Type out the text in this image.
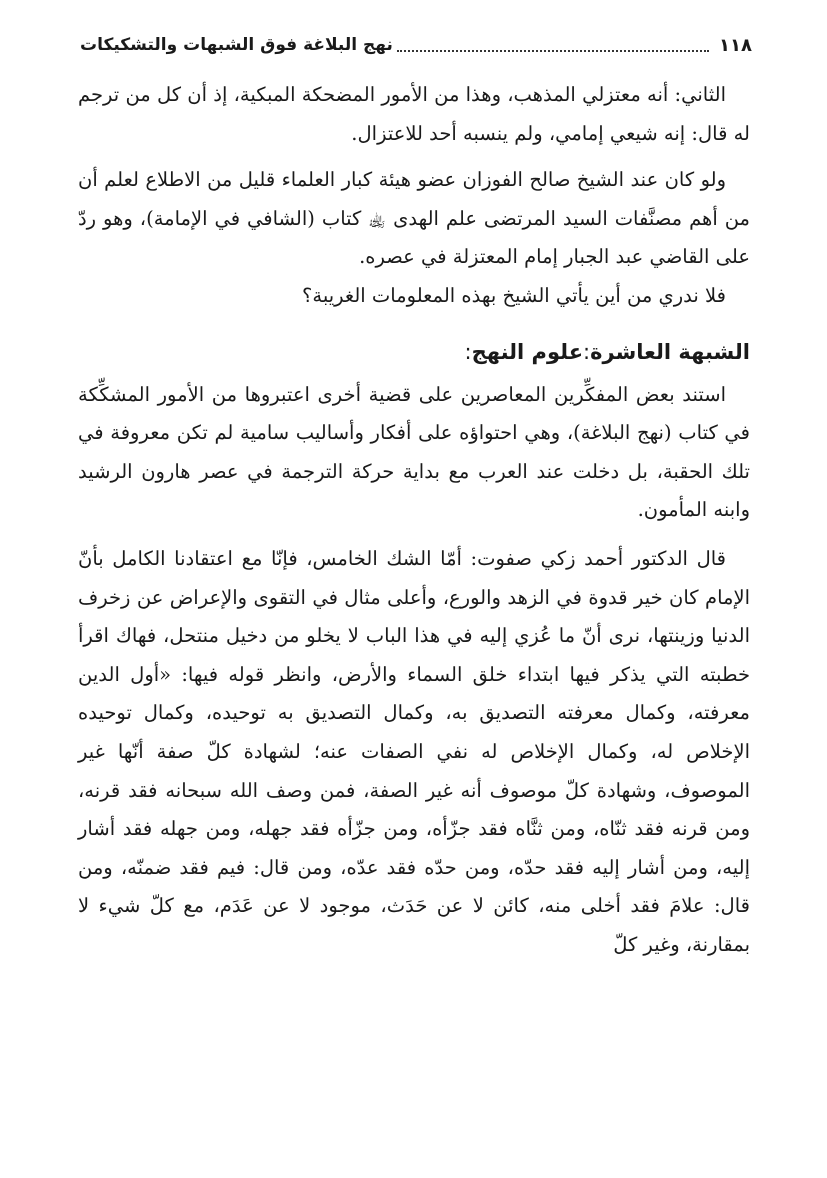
١١٨
نهج البلاغة فوق الشبهات والتشكيكات

الثاني: أنه معتزلي المذهب، وهذا من الأمور المضحكة المبكية، إذ أن كل من ترجم له قال: إنه شيعي إمامي، ولم ينسبه أحد للاعتزال.

ولو كان عند الشيخ صالح الفوزان عضو هيئة كبار العلماء قليل من الاطلاع لعلم أن من أهم مصنَّفات السيد المرتضى علم الهدى ﵀ كتاب (الشافي في الإمامة)، وهو ردّ على القاضي عبد الجبار إمام المعتزلة في عصره.

فلا ندري من أين يأتي الشيخ بهذه المعلومات الغريبة؟

الشبهة العاشرة:علوم النهج:

استند بعض المفكِّرين المعاصرين على قضية أخرى اعتبروها من الأمور المشكِّكة في كتاب (نهج البلاغة)، وهي احتواؤه على أفكار وأساليب سامية لم تكن معروفة في تلك الحقبة، بل دخلت عند العرب مع بداية حركة الترجمة في عصر هارون الرشيد وابنه المأمون.

قال الدكتور أحمد زكي صفوت: أمّا الشك الخامس، فإنّا مع اعتقادنا الكامل بأنّ الإمام كان خير قدوة في الزهد والورع، وأعلى مثال في التقوى والإعراض عن زخرف الدنيا وزينتها، نرى أنّ ما عُزي إليه في هذا الباب لا يخلو من دخيل منتحل، فهاك اقرأ خطبته التي يذكر فيها ابتداء خلق السماء والأرض، وانظر قوله فيها: «أول الدين معرفته، وكمال معرفته التصديق به، وكمال التصديق به توحيده، وكمال توحيده الإخلاص له، وكمال الإخلاص له نفي الصفات عنه؛ لشهادة كلّ صفة أنّها غير الموصوف، وشهادة كلّ موصوف أنه غير الصفة، فمن وصف الله سبحانه فقد قرنه، ومن قرنه فقد ثنّاه، ومن ثنَّاه فقد جزّأه، ومن جزّأه فقد جهله، ومن جهله فقد أشار إليه، ومن أشار إليه فقد حدّه، ومن حدّه فقد عدّه، ومن قال: فيم فقد ضمنّه، ومن قال: علامَ فقد أخلى منه، كائن لا عن حَدَث، موجود لا عن عَدَم، مع كلّ شيء لا بمقارنة، وغير كلّ
